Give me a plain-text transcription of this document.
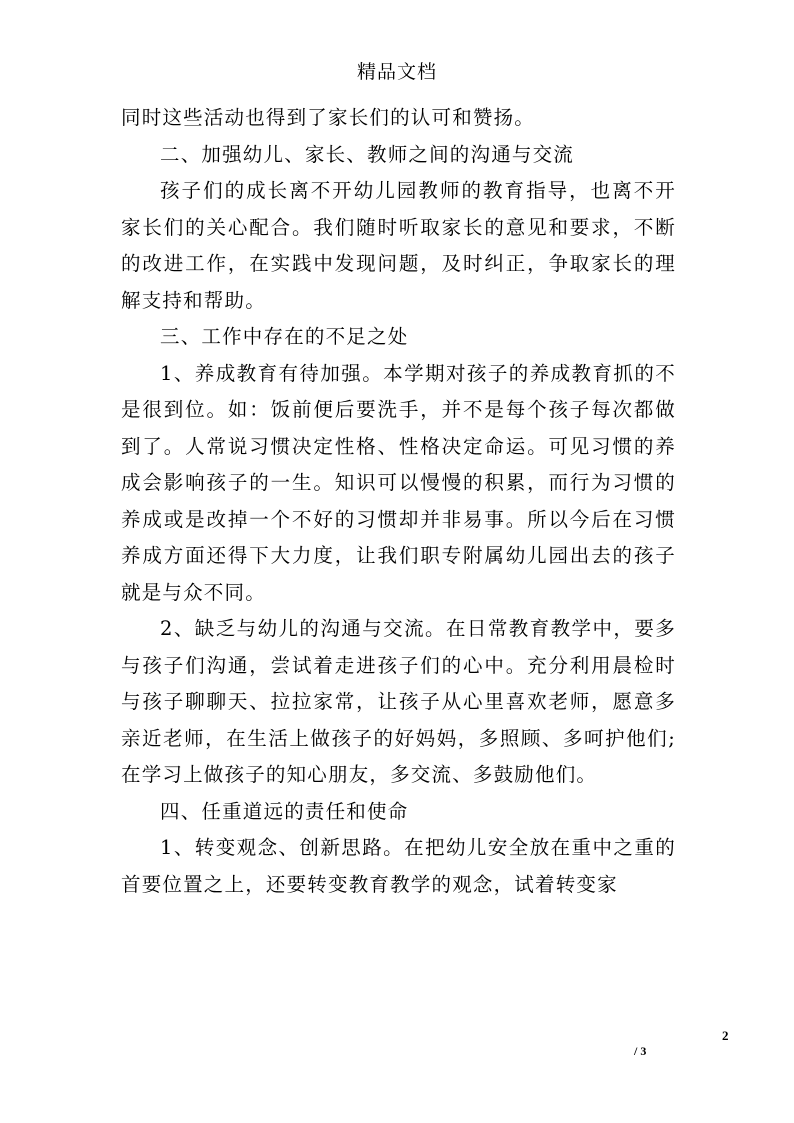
精品文档

同时这些活动也得到了家长们的认可和赞扬。

二、加强幼儿、家长、教师之间的沟通与交流

孩子们的成长离不开幼儿园教师的教育指导，也离不开家长们的关心配合。我们随时听取家长的意见和要求，不断的改进工作，在实践中发现问题，及时纠正，争取家长的理解支持和帮助。

三、工作中存在的不足之处

1、养成教育有待加强。本学期对孩子的养成教育抓的不是很到位。如：饭前便后要洗手，并不是每个孩子每次都做到了。人常说习惯决定性格、性格决定命运。可见习惯的养成会影响孩子的一生。知识可以慢慢的积累，而行为习惯的养成或是改掉一个不好的习惯却并非易事。所以今后在习惯养成方面还得下大力度，让我们职专附属幼儿园出去的孩子就是与众不同。

2、缺乏与幼儿的沟通与交流。在日常教育教学中，要多与孩子们沟通，尝试着走进孩子们的心中。充分利用晨检时与孩子聊聊天、拉拉家常，让孩子从心里喜欢老师，愿意多亲近老师，在生活上做孩子的好妈妈，多照顾、多呵护他们;在学习上做孩子的知心朋友，多交流、多鼓励他们。

四、任重道远的责任和使命

1、转变观念、创新思路。在把幼儿安全放在重中之重的首要位置之上，还要转变教育教学的观念，试着转变家

2
/ 3
